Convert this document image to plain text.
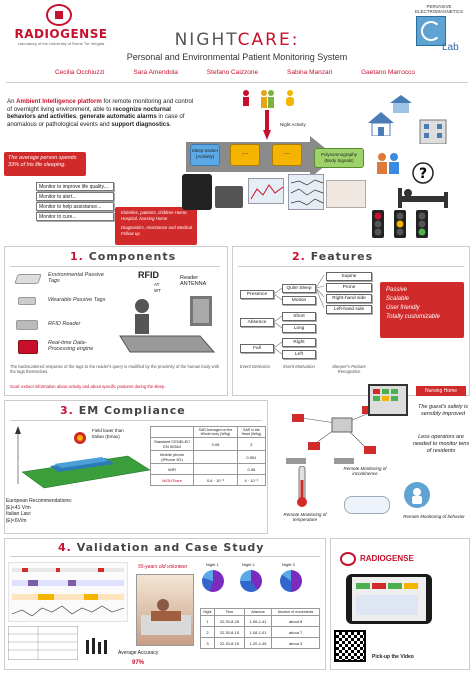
RADIOGENSE
Laboratory of the University of Rome Tor Vergata
PERVASIVE ELECTROMAGNETICS
Lab
NIGHTCARE:
Personal and Environmental Patient Monitoring System
Cecilia Occhiuzzi	Sara Amendola	Stefano Caizzone	Sabina Manzari	Gaetano Marrocco
An Ambient Intelligence platform for remote monitoring and control of overnight living environment, able to recognize nocturnal behaviors and activities, generate automatic alarms in case of anomalous or pathological events and support diagnostics.
The average person spends 33% of his life sleeping.
Monitor to improve life quality....
Monitor to alert...
Monitor to help assistance...
Monitor to cure...
Elderlies, patients, children Home, Hospital, Nursing Home
Diagnostics, Assistance and Medical Follow up
Night Activity
Sleep tracker (Actively)	....	....	Polysomnography (Body Signals)
?
1. Components
Environmental Passive Tags
Wearable Passive Tags
RFID Reader
Real-time Data-Processing engine
RFID	Reader ANTENNA
AT
WT
The backscattered response of the tags to the reader's query is modified by the proximity of the human body with the tags themselves.
Goal: extract information about activity and about specific postures during the sleep.
2. Features
Presence
Absence
Fall
Quite Sleep
Motion
Short
Long
Right
Left
Supine
Prone
Right-hand side
Left-hand side
Event Detection	Event Motivation	Sleeper's Posture Recognition
Passive
Scalable
User friendly
Totally customizable
3. EM Compliance
|E|(dB)
Field lower than Italian (Emax)
	SAR Averaged on the Whole body (W/kg)	SAR in the Head (W/kg)
Standard CENELEC EN 50364	0.08	2
Mobile phone (iPhone 3G)		0.951
WiFi		0.06
NIGHTcare	0.6 · 10⁻³	4 · 10⁻³
European Recommendations:
|E|<41 V/m
Italian Law:
|E|<6V/m
Nursing Home
The guest's safety is sensibly improved
Less operators are needed to monitor tens of residents
Remote Monitoring of incontinence
Remote Monitoring of temperature
Remote Monitoring of behavior
4. Validation and Case Study
Average Accuracy
97%
55-years old volunteer	Night 1	Night 2	Night 3
Night	Time	Absence	Number of movements
1	22.30-8.25	1.06-1.41	about 8
2	22.30-8.15	1.08-1.01	about 7
3	22.30-8.15	1.20-1.45	about 3
RADIOGENSE
Pick-up the Video
